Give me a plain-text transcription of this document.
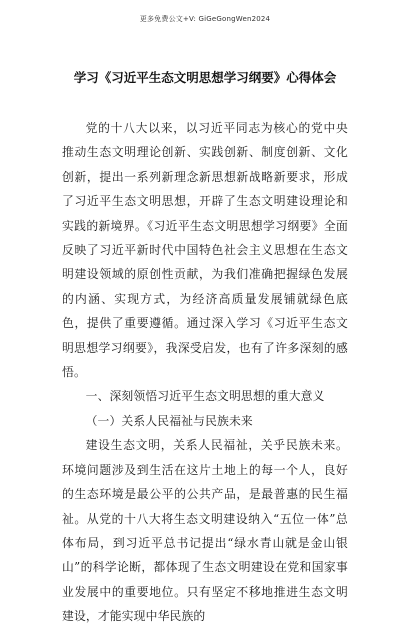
更多免费公文+V: GiGeGongWen2024
学习《习近平生态文明思想学习纲要》心得体会

党的十八大以来，以习近平同志为核心的党中央推动生态文明理论创新、实践创新、制度创新、文化创新，提出一系列新理念新思想新战略新要求，形成了习近平生态文明思想，开辟了生态文明建设理论和实践的新境界。《习近平生态文明思想学习纲要》全面反映了习近平新时代中国特色社会主义思想在生态文明建设领域的原创性贡献，为我们准确把握绿色发展的内涵、实现方式，为经济高质量发展铺就绿色底色，提供了重要遵循。通过深入学习《习近平生态文明思想学习纲要》，我深受启发，也有了许多深刻的感悟。

一、深刻领悟习近平生态文明思想的重大意义

（一）关系人民福祉与民族未来

建设生态文明，关系人民福祉，关乎民族未来。环境问题涉及到生活在这片土地上的每一个人，良好的生态环境是最公平的公共产品，是最普惠的民生福祉。从党的十八大将生态文明建设纳入“五位一体”总体布局，到习近平总书记提出“绿水青山就是金山银山”的科学论断，都体现了生态文明建设在党和国家事业发展中的重要地位。只有坚定不移地推进生态文明建设，才能实现中华民族的
